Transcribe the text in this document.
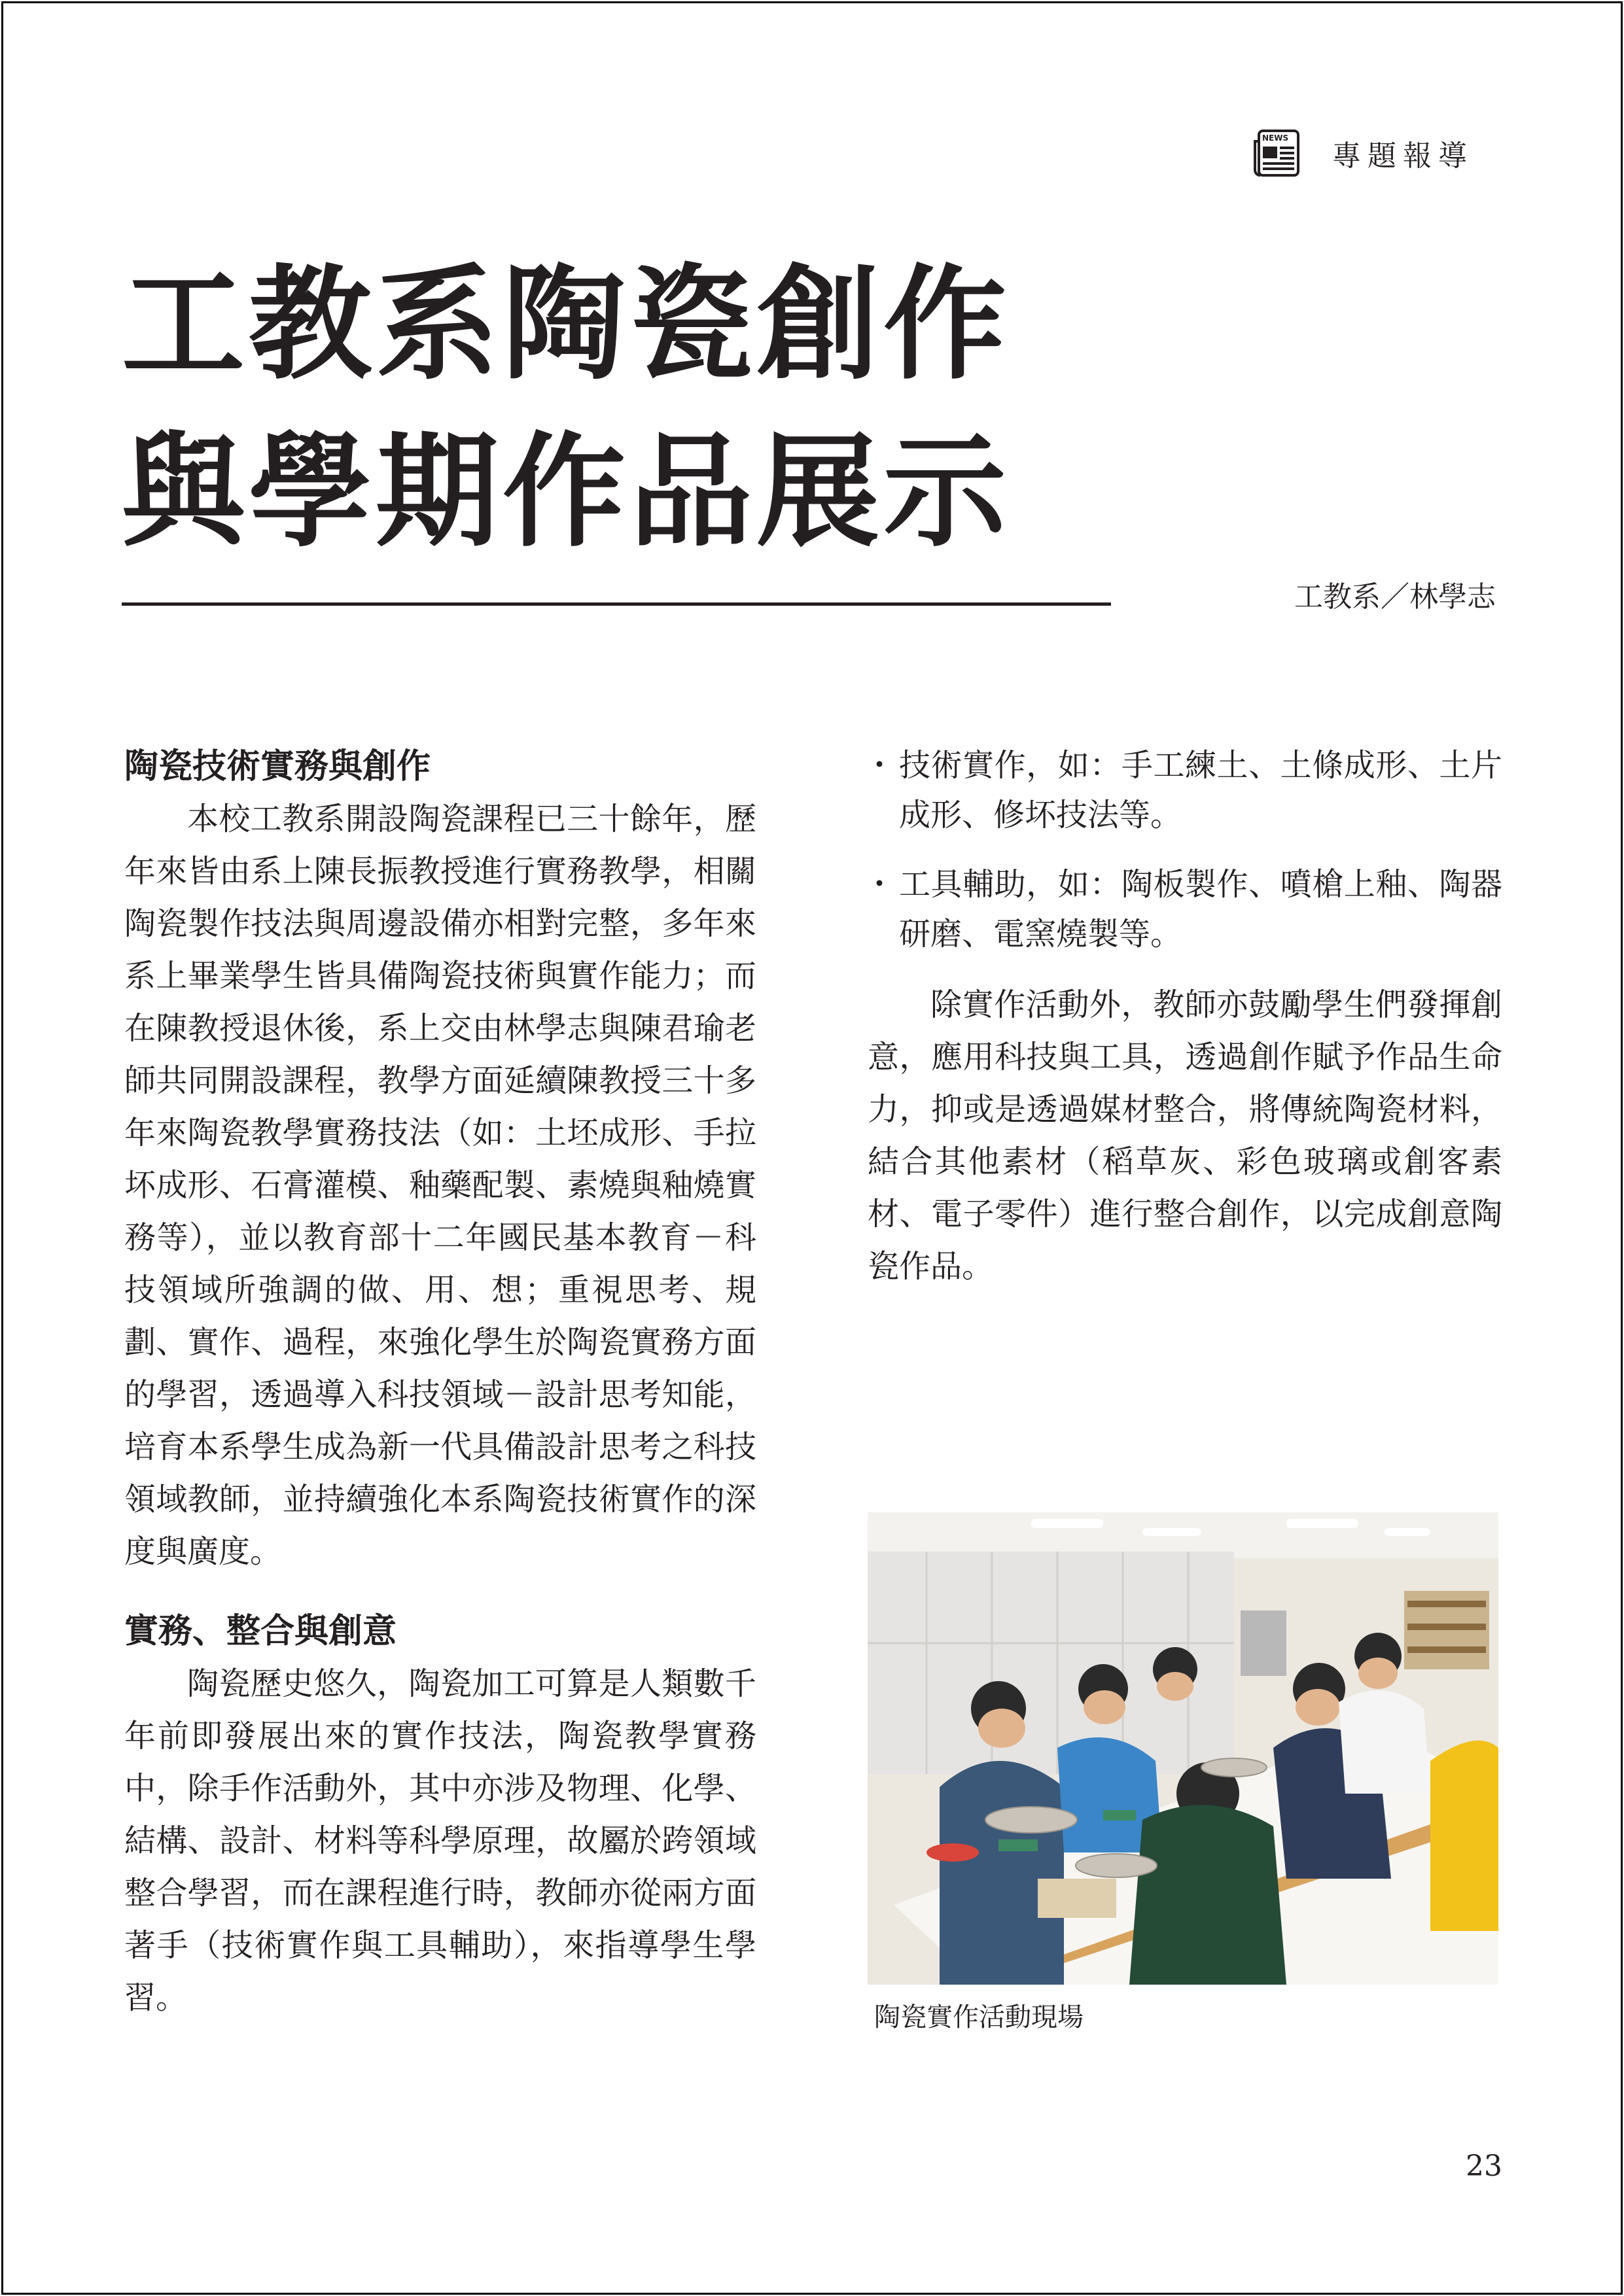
NEWS
專題報導
工教系陶瓷創作
與學期作品展示
工教系／林學志
陶瓷技術實務與創作

本校工教系開設陶瓷課程已三十餘年，歷年來皆由系上陳長振教授進行實務教學，相關陶瓷製作技法與周邊設備亦相對完整，多年來系上畢業學生皆具備陶瓷技術與實作能力；而在陳教授退休後，系上交由林學志與陳君瑜老師共同開設課程，教學方面延續陳教授三十多年來陶瓷教學實務技法（如：土坯成形、手拉坏成形、石膏灌模、釉藥配製、素燒與釉燒實務等），並以教育部十二年國民基本教育－科技領域所強調的做、用、想；重視思考、規劃、實作、過程，來強化學生於陶瓷實務方面的學習，透過導入科技領域－設計思考知能，培育本系學生成為新一代具備設計思考之科技領域教師，並持續強化本系陶瓷技術實作的深度與廣度。

實務、整合與創意

陶瓷歷史悠久，陶瓷加工可算是人類數千年前即發展出來的實作技法，陶瓷教學實務中，除手作活動外，其中亦涉及物理、化學、結構、設計、材料等科學原理，故屬於跨領域整合學習，而在課程進行時，教師亦從兩方面著手（技術實作與工具輔助），來指導學生學習。

・ 技術實作，如：手工練土、土條成形、土片成形、修坏技法等。
・ 工具輔助，如：陶板製作、噴槍上釉、陶器研磨、電窯燒製等。

除實作活動外，教師亦鼓勵學生們發揮創意，應用科技與工具，透過創作賦予作品生命力，抑或是透過媒材整合，將傳統陶瓷材料，結合其他素材（稻草灰、彩色玻璃或創客素材、電子零件）進行整合創作，以完成創意陶瓷作品。

陶瓷實作活動現場
23
